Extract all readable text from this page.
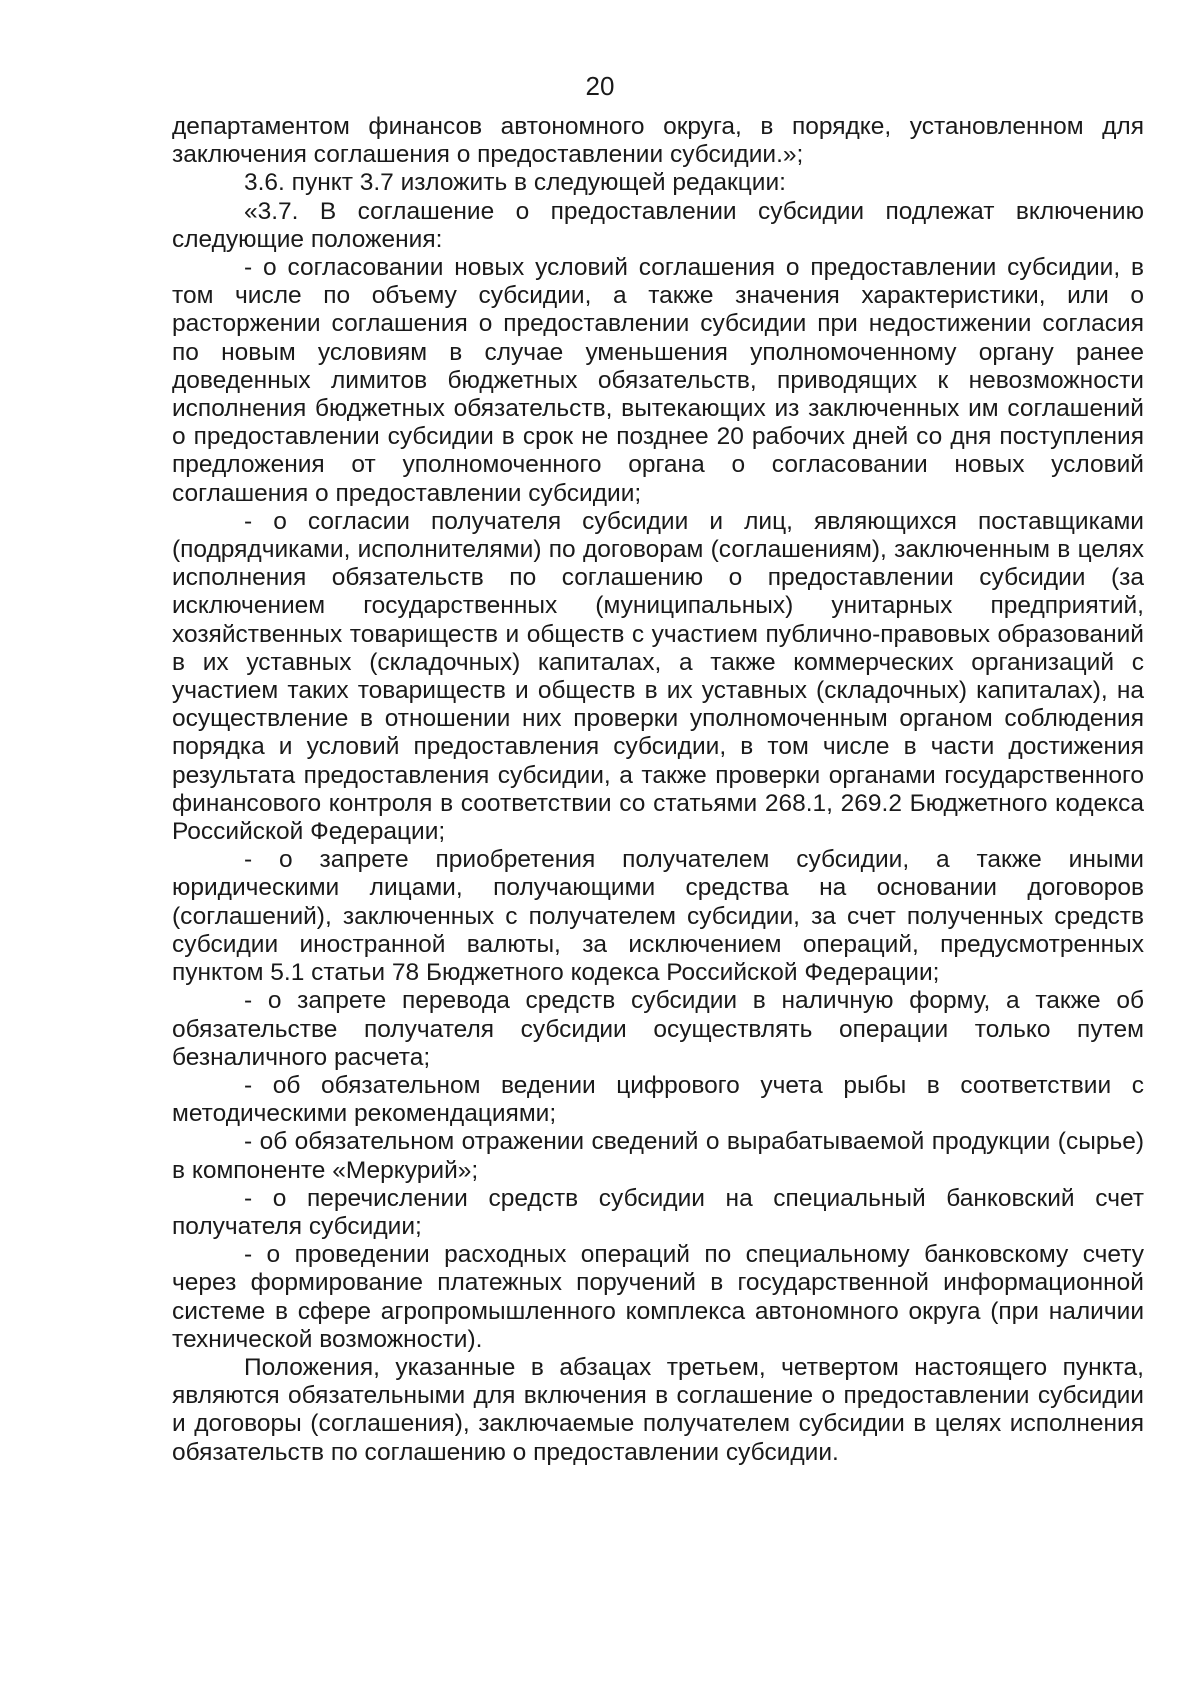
20

департаментом финансов автономного округа, в порядке, установленном для заключения соглашения о предоставлении субсидии.»;

3.6. пункт 3.7 изложить в следующей редакции:

«3.7. В соглашение о предоставлении субсидии подлежат включению следующие положения:

- о согласовании новых условий соглашения о предоставлении субсидии, в том числе по объему субсидии, а также значения характеристики, или о расторжении соглашения о предоставлении субсидии при недостижении согласия по новым условиям в случае уменьшения уполномоченному органу ранее доведенных лимитов бюджетных обязательств, приводящих к невозможности исполнения бюджетных обязательств, вытекающих из заключенных им соглашений о предоставлении субсидии в срок не позднее 20 рабочих дней со дня поступления предложения от уполномоченного органа о согласовании новых условий соглашения о предоставлении субсидии;

- о согласии получателя субсидии и лиц, являющихся поставщиками (подрядчиками, исполнителями) по договорам (соглашениям), заключенным в целях исполнения обязательств по соглашению о предоставлении субсидии (за исключением государственных (муниципальных) унитарных предприятий, хозяйственных товариществ и обществ с участием публично-правовых образований в их уставных (складочных) капиталах, а также коммерческих организаций с участием таких товариществ и обществ в их уставных (складочных) капиталах), на осуществление в отношении них проверки уполномоченным органом соблюдения порядка и условий предоставления субсидии, в том числе в части достижения результата предоставления субсидии, а также проверки органами государственного финансового контроля в соответствии со статьями 268.1, 269.2 Бюджетного кодекса Российской Федерации;

- о запрете приобретения получателем субсидии, а также иными юридическими лицами, получающими средства на основании договоров (соглашений), заключенных с получателем субсидии, за счет полученных средств субсидии иностранной валюты, за исключением операций, предусмотренных пунктом 5.1 статьи 78 Бюджетного кодекса Российской Федерации;

- о запрете перевода средств субсидии в наличную форму, а также об обязательстве получателя субсидии осуществлять операции только путем безналичного расчета;

- об обязательном ведении цифрового учета рыбы в соответствии с методическими рекомендациями;

- об обязательном отражении сведений о вырабатываемой продукции (сырье) в компоненте «Меркурий»;

- о перечислении средств субсидии на специальный банковский счет получателя субсидии;

- о проведении расходных операций по специальному банковскому счету через формирование платежных поручений в государственной информационной системе в сфере агропромышленного комплекса автономного округа (при наличии технической возможности).

Положения, указанные в абзацах третьем, четвертом настоящего пункта, являются обязательными для включения в соглашение о предоставлении субсидии и договоры (соглашения), заключаемые получателем субсидии в целях исполнения обязательств по соглашению о предоставлении субсидии.
